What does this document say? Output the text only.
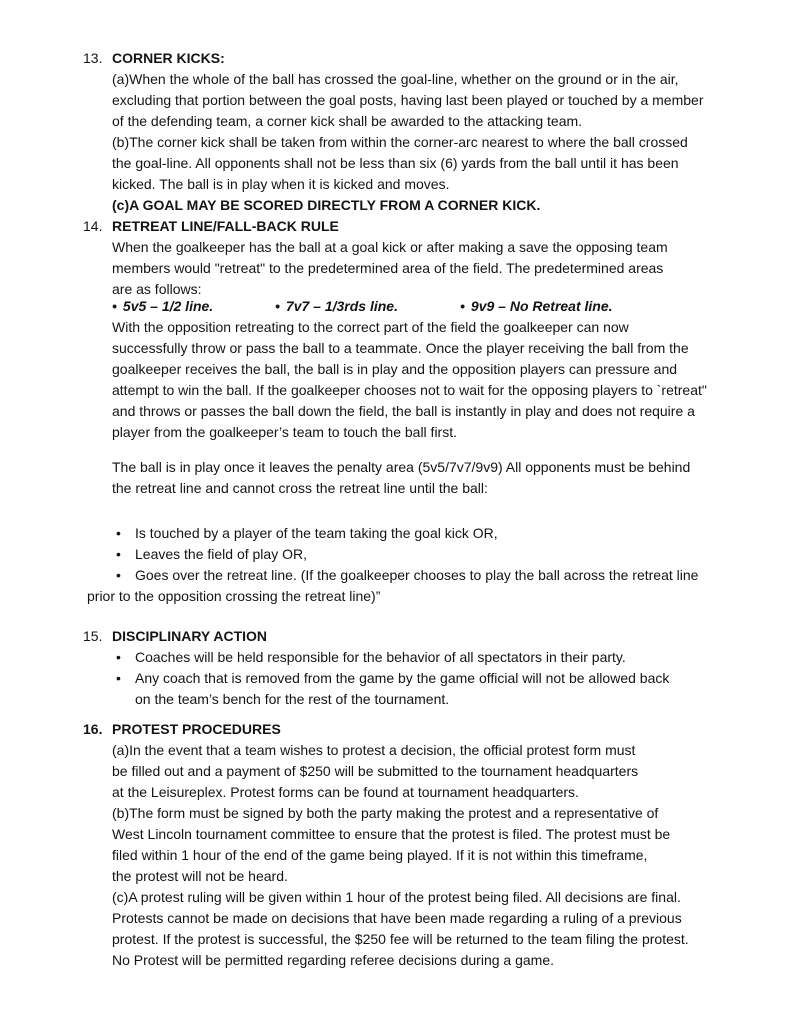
13. CORNER KICKS:
(a)When the whole of the ball has crossed the goal-line, whether on the ground or in the air,
excluding that portion between the goal posts, having last been played or touched by a member
of the defending team, a corner kick shall be awarded to the attacking team.
(b)The corner kick shall be taken from within the corner-arc nearest to where the ball crossed
the goal-line. All opponents shall not be less than six (6) yards from the ball until it has been
kicked. The ball is in play when it is kicked and moves.
(c)A GOAL MAY BE SCORED DIRECTLY FROM A CORNER KICK.
14. RETREAT LINE/FALL-BACK RULE
When the goalkeeper has the ball at a goal kick or after making a save the opposing team
members would "retreat" to the predetermined area of the field. The predetermined areas
are as follows:
• 5v5 – 1/2 line.	• 7v7 – 1/3rds line.	• 9v9 – No Retreat line.
With the opposition retreating to the correct part of the field the goalkeeper can now
successfully throw or pass the ball to a teammate. Once the player receiving the ball from the
goalkeeper receives the ball, the ball is in play and the opposition players can pressure and
attempt to win the ball. If the goalkeeper chooses not to wait for the opposing players to `retreat"
and throws or passes the ball down the field, the ball is instantly in play and does not require a
player from the goalkeeper’s team to touch the ball first.
The ball is in play once it leaves the penalty area (5v5/7v7/9v9) All opponents must be behind
the retreat line and cannot cross the retreat line until the ball:
• Is touched by a player of the team taking the goal kick OR,
• Leaves the field of play OR,
• Goes over the retreat line. (If the goalkeeper chooses to play the ball across the retreat line
prior to the opposition crossing the retreat line)”
15. DISCIPLINARY ACTION
• Coaches will be held responsible for the behavior of all spectators in their party.
• Any coach that is removed from the game by the game official will not be allowed back
on the team’s bench for the rest of the tournament.
16. PROTEST PROCEDURES
(a)In the event that a team wishes to protest a decision, the official protest form must
be filled out and a payment of $250 will be submitted to the tournament headquarters
at the Leisureplex. Protest forms can be found at tournament headquarters.
(b)The form must be signed by both the party making the protest and a representative of
West Lincoln tournament committee to ensure that the protest is filed. The protest must be
filed within 1 hour of the end of the game being played. If it is not within this timeframe,
the protest will not be heard.
(c)A protest ruling will be given within 1 hour of the protest being filed. All decisions are final.
Protests cannot be made on decisions that have been made regarding a ruling of a previous
protest. If the protest is successful, the $250 fee will be returned to the team filing the protest.
No Protest will be permitted regarding referee decisions during a game.
